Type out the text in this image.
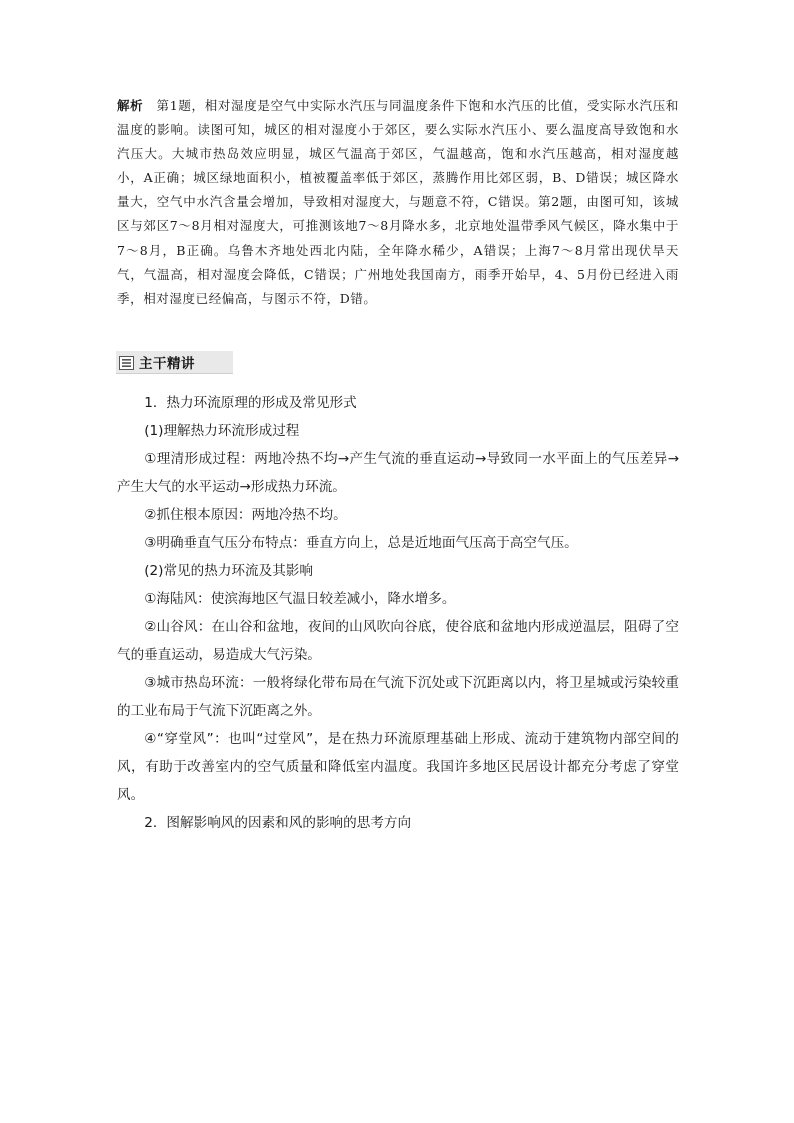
解析　 第1题，相对湿度是空气中实际水汽压与同温度条件下饱和水汽压的比值，受实际水汽压和温度的影响。读图可知，城区的相对湿度小于郊区，要么实际水汽压小、要么温度高导致饱和水汽压大。大城市热岛效应明显，城区气温高于郊区，气温越高，饱和水汽压越高，相对湿度越小，A正确；城区绿地面积小，植被覆盖率低于郊区，蒸腾作用比郊区弱，B、D错误；城区降水量大，空气中水汽含量会增加，导致相对湿度大，与题意不符，C错误。第2题，由图可知，该城区与郊区7～8月相对湿度大，可推测该地7～8月降水多，北京地处温带季风气候区，降水集中于7～8月，B正确。乌鲁木齐地处西北内陆，全年降水稀少，A错误；上海7～8月常出现伏旱天气，气温高，相对湿度会降低，C错误；广州地处我国南方，雨季开始早，4、5月份已经进入雨季，相对湿度已经偏高，与图示不符，D错。
主干精讲

1．热力环流原理的形成及常见形式

(1)理解热力环流形成过程

①理清形成过程：两地冷热不均→产生气流的垂直运动→导致同一水平面上的气压差异→产生大气的水平运动→形成热力环流。

②抓住根本原因：两地冷热不均。

③明确垂直气压分布特点：垂直方向上，总是近地面气压高于高空气压。

(2)常见的热力环流及其影响

①海陆风：使滨海地区气温日较差减小，降水增多。

②山谷风：在山谷和盆地，夜间的山风吹向谷底，使谷底和盆地内形成逆温层，阻碍了空气的垂直运动，易造成大气污染。

③城市热岛环流：一般将绿化带布局在气流下沉处或下沉距离以内，将卫星城或污染较重的工业布局于气流下沉距离之外。

④“穿堂风”：也叫“过堂风”，是在热力环流原理基础上形成、流动于建筑物内部空间的风，有助于改善室内的空气质量和降低室内温度。我国许多地区民居设计都充分考虑了穿堂风。

2．图解影响风的因素和风的影响的思考方向
